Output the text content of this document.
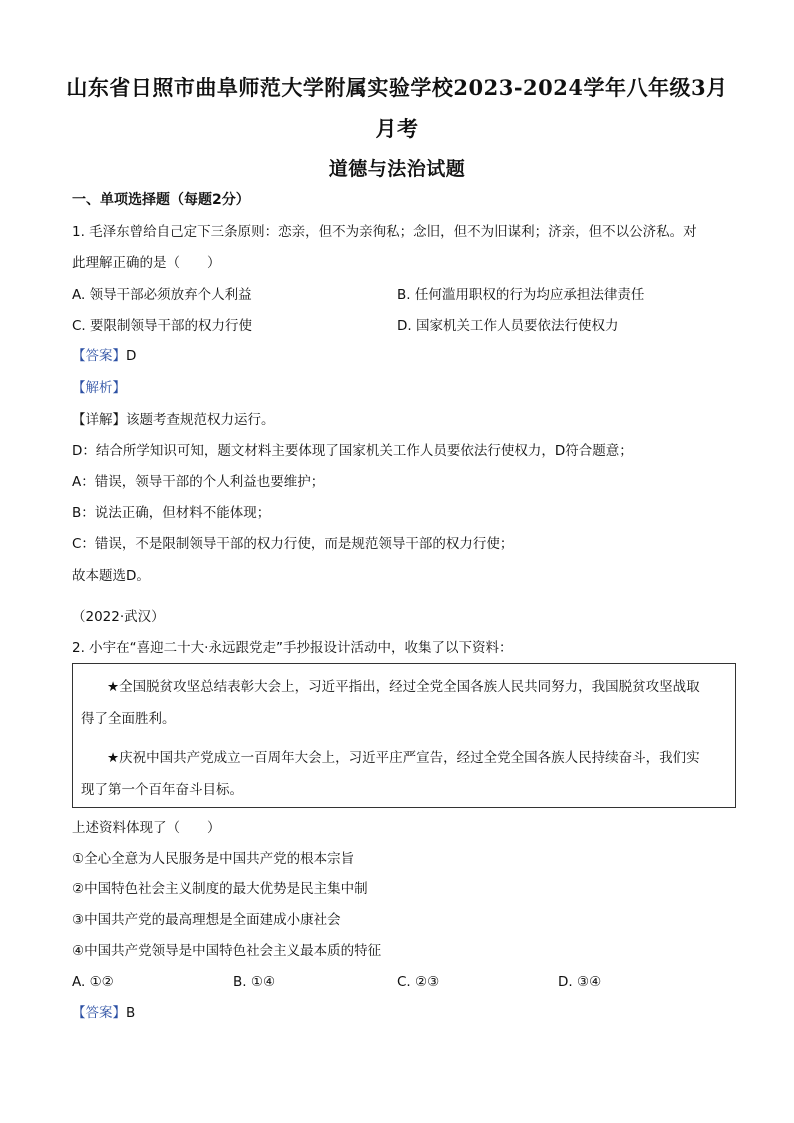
山东省日照市曲阜师范大学附属实验学校2023-2024学年八年级3月
月考
道德与法治试题
一、单项选择题（每题2分）
1. 毛泽东曾给自己定下三条原则：恋亲，但不为亲徇私；念旧，但不为旧谋利；济亲，但不以公济私。对
此理解正确的是（　　）
A. 领导干部必须放弃个人利益	B. 任何滥用职权的行为均应承担法律责任
C. 要限制领导干部的权力行使	D. 国家机关工作人员要依法行使权力
【答案】D
【解析】
【详解】该题考查规范权力运行。
D：结合所学知识可知，题文材料主要体现了国家机关工作人员要依法行使权力，D符合题意；
A：错误，领导干部的个人利益也要维护；
B：说法正确，但材料不能体现；
C：错误，不是限制领导干部的权力行使，而是规范领导干部的权力行使；
故本题选D。
（2022·武汉）
2. 小宇在“喜迎二十大·永远跟党走”手抄报设计活动中，收集了以下资料：
★全国脱贫攻坚总结表彰大会上，习近平指出，经过全党全国各族人民共同努力，我国脱贫攻坚战取
得了全面胜利。
★庆祝中国共产党成立一百周年大会上，习近平庄严宣告，经过全党全国各族人民持续奋斗，我们实
现了第一个百年奋斗目标。
上述资料体现了（　　）
①全心全意为人民服务是中国共产党的根本宗旨
②中国特色社会主义制度的最大优势是民主集中制
③中国共产党的最高理想是全面建成小康社会
④中国共产党领导是中国特色社会主义最本质的特征
A. ①②	B. ①④	C. ②③	D. ③④
【答案】B
